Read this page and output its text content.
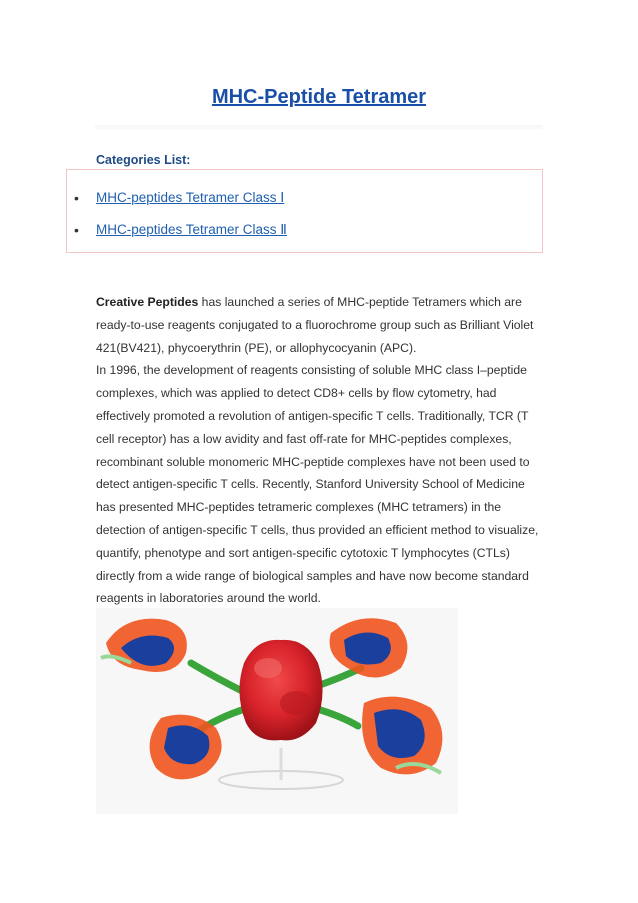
MHC-Peptide Tetramer
Categories List:
• MHC-peptides Tetramer Class Ⅰ
• MHC-peptides Tetramer Class Ⅱ

Creative Peptides has launched a series of MHC-peptide Tetramers which are ready-to-use reagents conjugated to a fluorochrome group such as Brilliant Violet 421(BV421), phycoerythrin (PE), or allophycocyanin (APC).

In 1996, the development of reagents consisting of soluble MHC class I–peptide complexes, which was applied to detect CD8+ cells by flow cytometry, had effectively promoted a revolution of antigen-specific T cells. Traditionally, TCR (T cell receptor) has a low avidity and fast off-rate for MHC-peptides complexes, recombinant soluble monomeric MHC-peptide complexes have not been used to detect antigen-specific T cells. Recently, Stanford University School of Medicine has presented MHC-peptides tetrameric complexes (MHC tetramers) in the detection of antigen-specific T cells, thus provided an efficient method to visualize, quantify, phenotype and sort antigen-specific cytotoxic T lymphocytes (CTLs) directly from a wide range of biological samples and have now become standard reagents in laboratories around the world.
